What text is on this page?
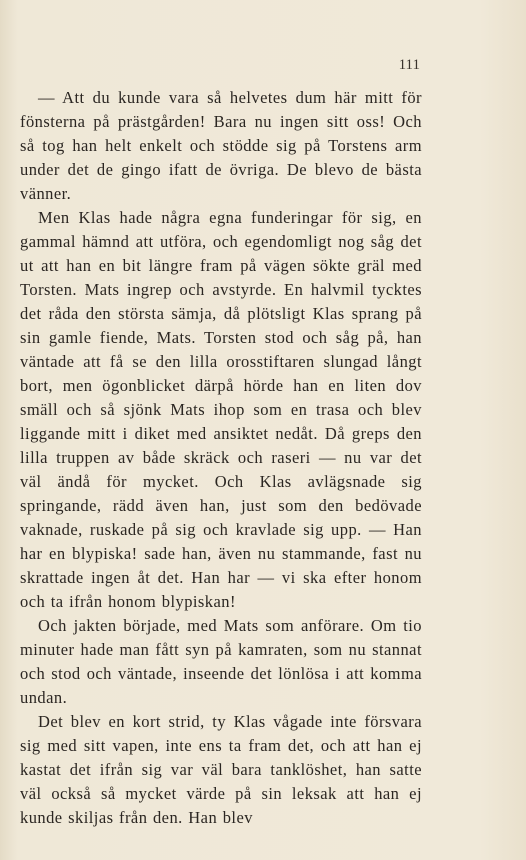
111

— Att du kunde vara så helvetes dum här mitt för fönsterna på prästgården! Bara nu ingen sitt oss! Och så tog han helt enkelt och stödde sig på Torstens arm under det de gingo ifatt de övriga. De blevo de bästa vänner.

Men Klas hade några egna funderingar för sig, en gammal hämnd att utföra, och egendomligt nog såg det ut att han en bit längre fram på vägen sökte gräl med Torsten. Mats ingrep och avstyrde. En halvmil tycktes det råda den största sämja, då plötsligt Klas sprang på sin gamle fiende, Mats. Torsten stod och såg på, han väntade att få se den lilla orosstiftaren slungad långt bort, men ögonblicket därpå hörde han en liten dov smäll och så sjönk Mats ihop som en trasa och blev liggande mitt i diket med ansiktet nedåt. Då greps den lilla truppen av både skräck och raseri — nu var det väl ändå för mycket. Och Klas avlägsnade sig springande, rädd även han, just som den bedövade vaknade, ruskade på sig och kravlade sig upp. — Han har en blypiska! sade han, även nu stammande, fast nu skrattade ingen åt det. Han har — vi ska efter honom och ta ifrån honom blypiskan!

Och jakten började, med Mats som anförare. Om tio minuter hade man fått syn på kamraten, som nu stannat och stod och väntade, inseende det lönlösa i att komma undan.

Det blev en kort strid, ty Klas vågade inte försvara sig med sitt vapen, inte ens ta fram det, och att han ej kastat det ifrån sig var väl bara tanklöshet, han satte väl också så mycket värde på sin leksak att han ej kunde skiljas från den. Han blev
